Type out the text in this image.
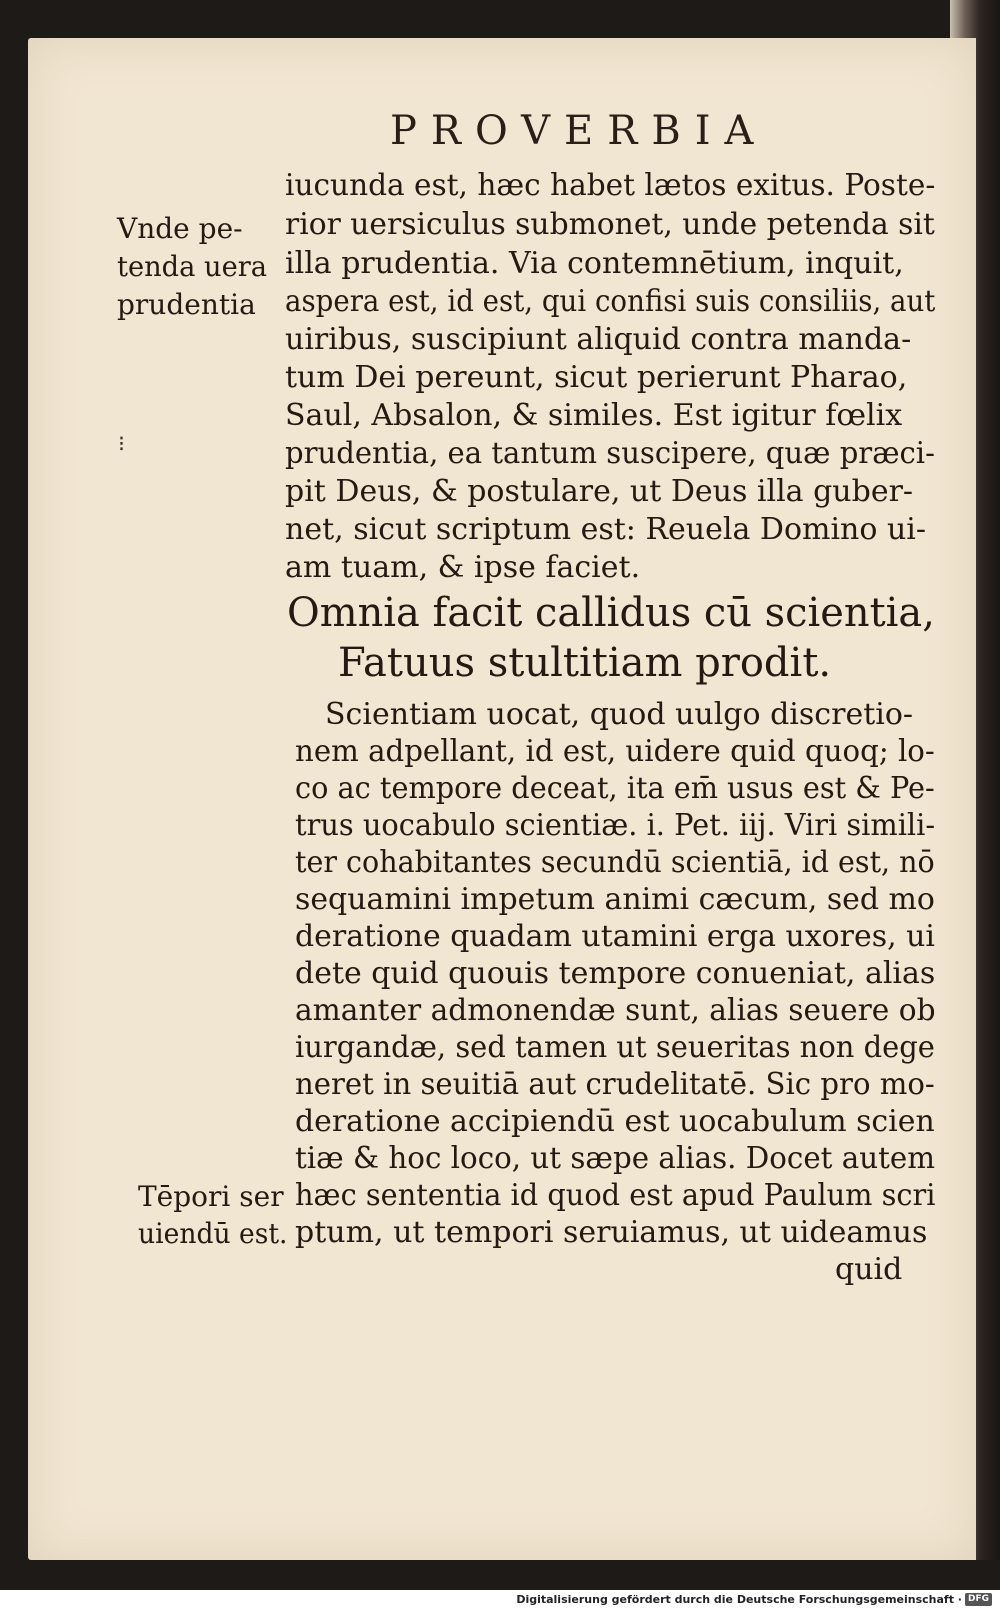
PROVERBIA
Vnde pe-
tenda uera
prudentia
⁝
iucunda est, hæc habet lætos exitus. Poste-
rior uersiculus submonet, unde petenda sit
illa prudentia. Via contemnētium, inquit,
aspera est, id est, qui confisi suis consiliis, aut
uiribus, suscipiunt aliquid contra manda-
tum Dei pereunt, sicut perierunt Pharao,
Saul, Absalon, & similes. Est igitur fœlix
prudentia, ea tantum suscipere, quæ præci-
pit Deus, & postulare, ut Deus illa guber-
net, sicut scriptum est: Reuela Domino ui-
am tuam, & ipse faciet.
Omnia facit callidus cū scientia,
Fatuus stultitiam prodit.
Scientiam uocat, quod uulgo discretio-
nem adpellant, id est, uidere quid quoq; lo-
co ac tempore deceat, ita em̄ usus est & Pe-
trus uocabulo scientiæ. i. Pet. iij. Viri simili-
ter cohabitantes secundū scientiā, id est, nō
sequamini impetum animi cæcum, sed mo
deratione quadam utamini erga uxores, ui
dete quid quouis tempore conueniat, alias
amanter admonendæ sunt, alias seuere ob
iurgandæ, sed tamen ut seueritas non dege
neret in seuitiā aut crudelitatē. Sic pro mo-
deratione accipiendū est uocabulum scien
tiæ & hoc loco, ut sæpe alias. Docet autem
hæc sententia id quod est apud Paulum scri
ptum, ut tempori seruiamus, ut uideamus
quid
Tēpori ser
uiendū est.
Digitalisierung gefördert durch die Deutsche Forschungsgemeinschaft · DFG
